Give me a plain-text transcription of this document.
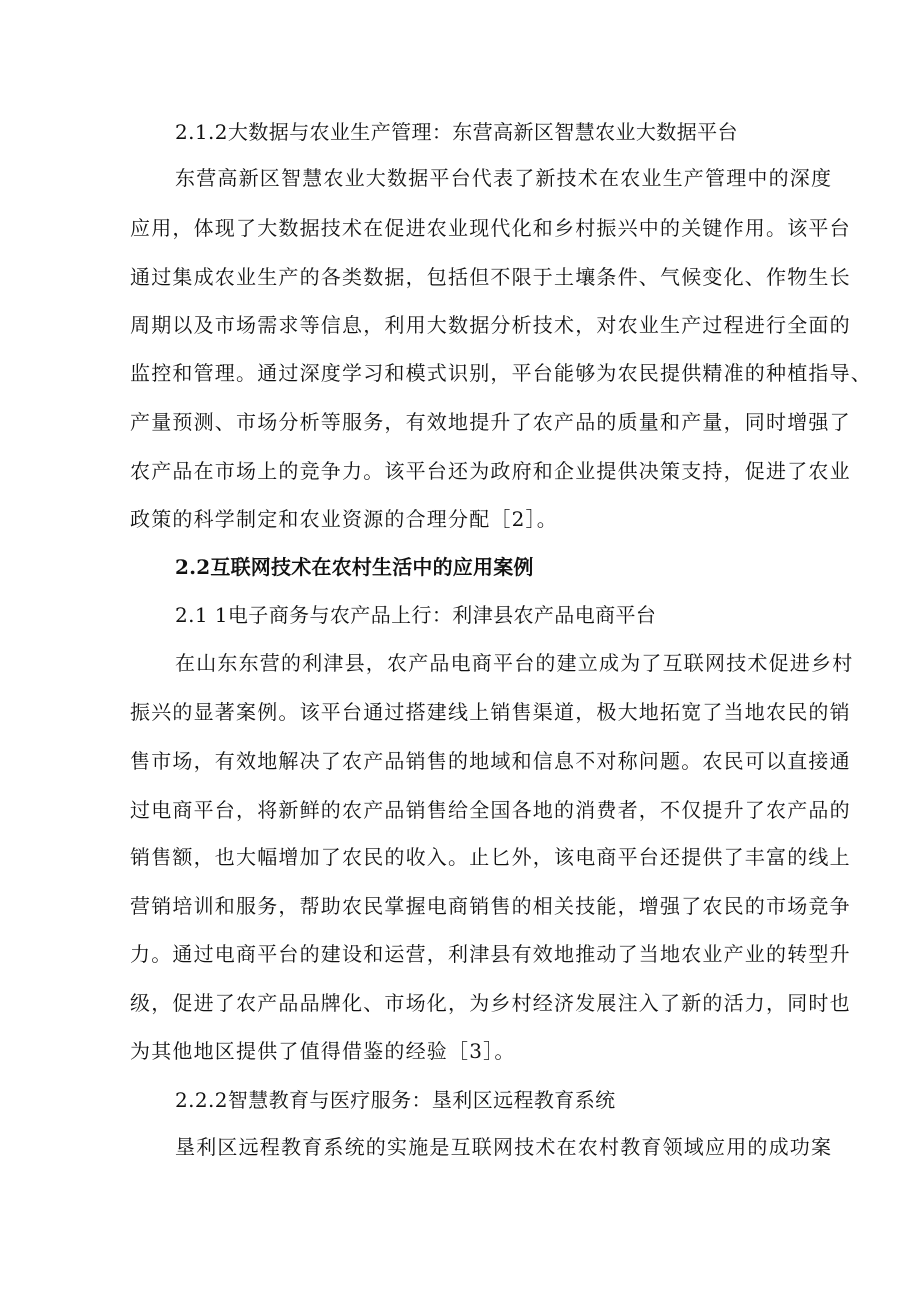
2.1.2大数据与农业生产管理：东营高新区智慧农业大数据平台
东营高新区智慧农业大数据平台代表了新技术在农业生产管理中的深度
应用，体现了大数据技术在促进农业现代化和乡村振兴中的关键作用。该平台
通过集成农业生产的各类数据，包括但不限于土壤条件、气候变化、作物生长
周期以及市场需求等信息，利用大数据分析技术，对农业生产过程进行全面的
监控和管理。通过深度学习和模式识别，平台能够为农民提供精准的种植指导、
产量预测、市场分析等服务，有效地提升了农产品的质量和产量，同时增强了
农产品在市场上的竞争力。该平台还为政府和企业提供决策支持，促进了农业
政策的科学制定和农业资源的合理分配［2］。
2.2互联网技术在农村生活中的应用案例
2.1 1电子商务与农产品上行：利津县农产品电商平台
在山东东营的利津县，农产品电商平台的建立成为了互联网技术促进乡村
振兴的显著案例。该平台通过搭建线上销售渠道，极大地拓宽了当地农民的销
售市场，有效地解决了农产品销售的地域和信息不对称问题。农民可以直接通
过电商平台，将新鲜的农产品销售给全国各地的消费者，不仅提升了农产品的
销售额，也大幅增加了农民的收入。止匕外，该电商平台还提供了丰富的线上
营销培训和服务，帮助农民掌握电商销售的相关技能，增强了农民的市场竞争
力。通过电商平台的建设和运营，利津县有效地推动了当地农业产业的转型升
级，促进了农产品品牌化、市场化，为乡村经济发展注入了新的活力，同时也
为其他地区提供了值得借鉴的经验［3］。
2.2.2智慧教育与医疗服务：垦利区远程教育系统
垦利区远程教育系统的实施是互联网技术在农村教育领域应用的成功案
